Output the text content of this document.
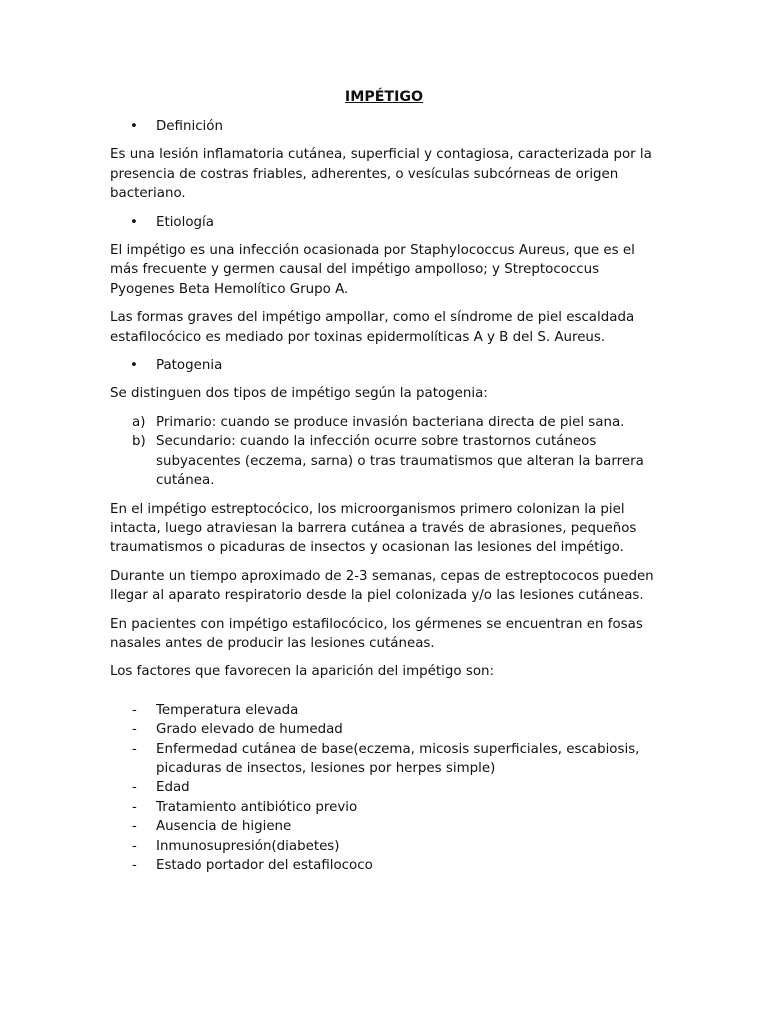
IMPÉTIGO
• Definición

Es una lesión inflamatoria cutánea, superficial y contagiosa, caracterizada por la presencia de costras friables, adherentes, o vesículas subcórneas de origen bacteriano.

• Etiología

El impétigo es una infección ocasionada por Staphylococcus Aureus, que es el más frecuente y germen causal del impétigo ampolloso; y Streptococcus Pyogenes Beta Hemolítico Grupo A.

Las formas graves del impétigo ampollar, como el síndrome de piel escaldada estafilocócico es mediado por toxinas epidermolíticas A y B del S. Aureus.

• Patogenia

Se distinguen dos tipos de impétigo según la patogenia:

a) Primario: cuando se produce invasión bacteriana directa de piel sana.
b) Secundario: cuando la infección ocurre sobre trastornos cutáneos subyacentes (eczema, sarna) o tras traumatismos que alteran la barrera cutánea.

En el impétigo estreptocócico, los microorganismos primero colonizan la piel intacta, luego atraviesan la barrera cutánea a través de abrasiones, pequeños traumatismos o picaduras de insectos y ocasionan las lesiones del impétigo.

Durante un tiempo aproximado de 2-3 semanas, cepas de estreptococos pueden llegar al aparato respiratorio desde la piel colonizada y/o las lesiones cutáneas.

En pacientes con impétigo estafilocócico, los gérmenes se encuentran en fosas nasales antes de producir las lesiones cutáneas.

Los factores que favorecen la aparición del impétigo son:

- Temperatura elevada
- Grado elevado de humedad
- Enfermedad cutánea de base(eczema, micosis superficiales, escabiosis, picaduras de insectos, lesiones por herpes simple)
- Edad
- Tratamiento antibiótico previo
- Ausencia de higiene
- Inmunosupresión(diabetes)
- Estado portador del estafilococo
